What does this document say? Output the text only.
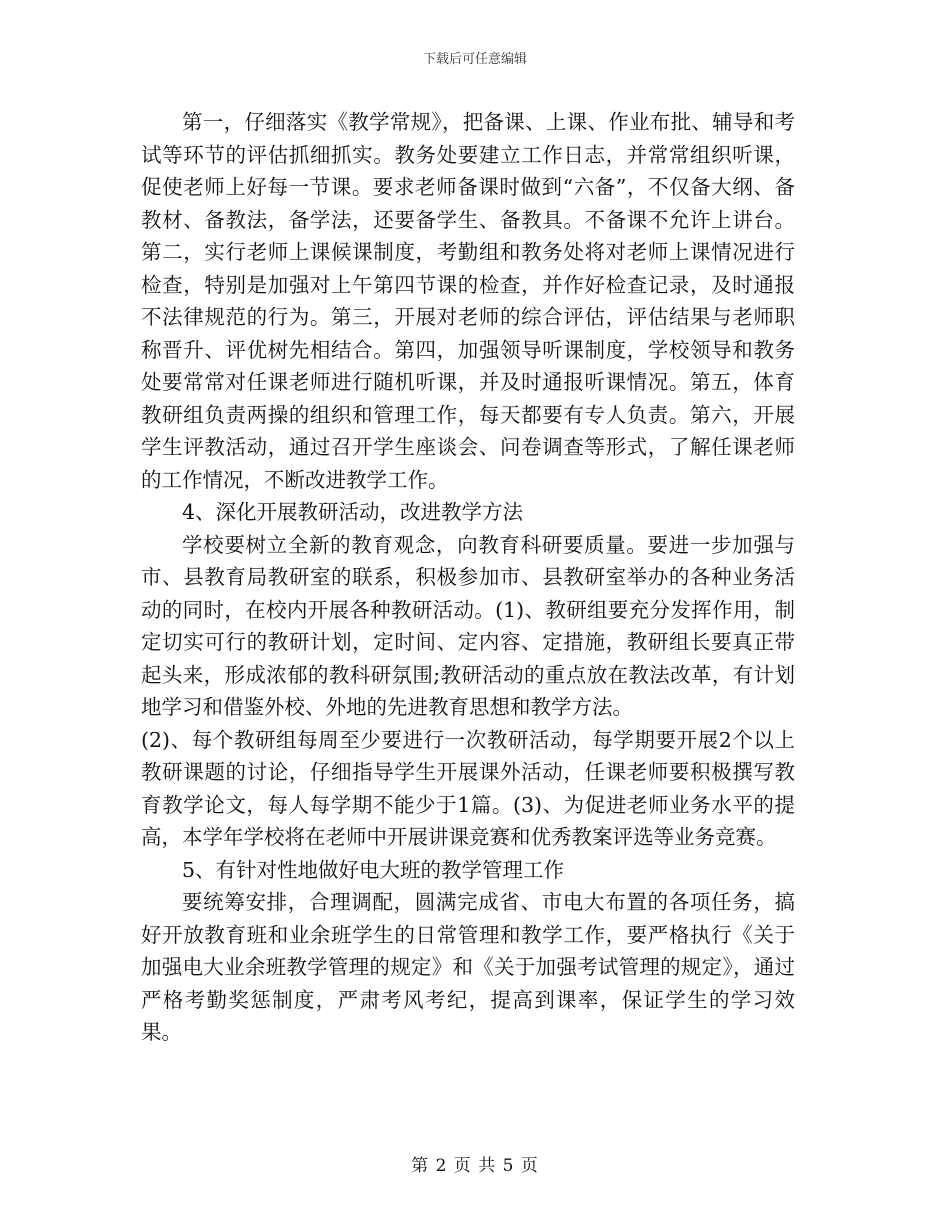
下载后可任意编辑

第一，仔细落实《教学常规》，把备课、上课、作业布批、辅导和考试等环节的评估抓细抓实。教务处要建立工作日志，并常常组织听课，促使老师上好每一节课。要求老师备课时做到“六备”，不仅备大纲、备教材、备教法，备学法，还要备学生、备教具。不备课不允许上讲台。第二，实行老师上课候课制度，考勤组和教务处将对老师上课情况进行检查，特别是加强对上午第四节课的检查，并作好检查记录，及时通报不法律规范的行为。第三，开展对老师的综合评估，评估结果与老师职称晋升、评优树先相结合。第四，加强领导听课制度，学校领导和教务处要常常对任课老师进行随机听课，并及时通报听课情况。第五，体育教研组负责两操的组织和管理工作，每天都要有专人负责。第六，开展学生评教活动，通过召开学生座谈会、问卷调查等形式，了解任课老师的工作情况，不断改进教学工作。

4、深化开展教研活动，改进教学方法

学校要树立全新的教育观念，向教育科研要质量。要进一步加强与市、县教育局教研室的联系，积极参加市、县教研室举办的各种业务活动的同时，在校内开展各种教研活动。(1)、教研组要充分发挥作用，制定切实可行的教研计划，定时间、定内容、定措施，教研组长要真正带起头来，形成浓郁的教科研氛围;教研活动的重点放在教法改革，有计划地学习和借鉴外校、外地的先进教育思想和教学方法。

(2)、每个教研组每周至少要进行一次教研活动，每学期要开展2个以上教研课题的讨论，仔细指导学生开展课外活动，任课老师要积极撰写教育教学论文，每人每学期不能少于1篇。(3)、为促进老师业务水平的提高，本学年学校将在老师中开展讲课竞赛和优秀教案评选等业务竞赛。

5、有针对性地做好电大班的教学管理工作

要统筹安排，合理调配，圆满完成省、市电大布置的各项任务，搞好开放教育班和业余班学生的日常管理和教学工作，要严格执行《关于加强电大业余班教学管理的规定》和《关于加强考试管理的规定》，通过严格考勤奖惩制度，严肃考风考纪，提高到课率，保证学生的学习效果。

第 2 页 共 5 页
